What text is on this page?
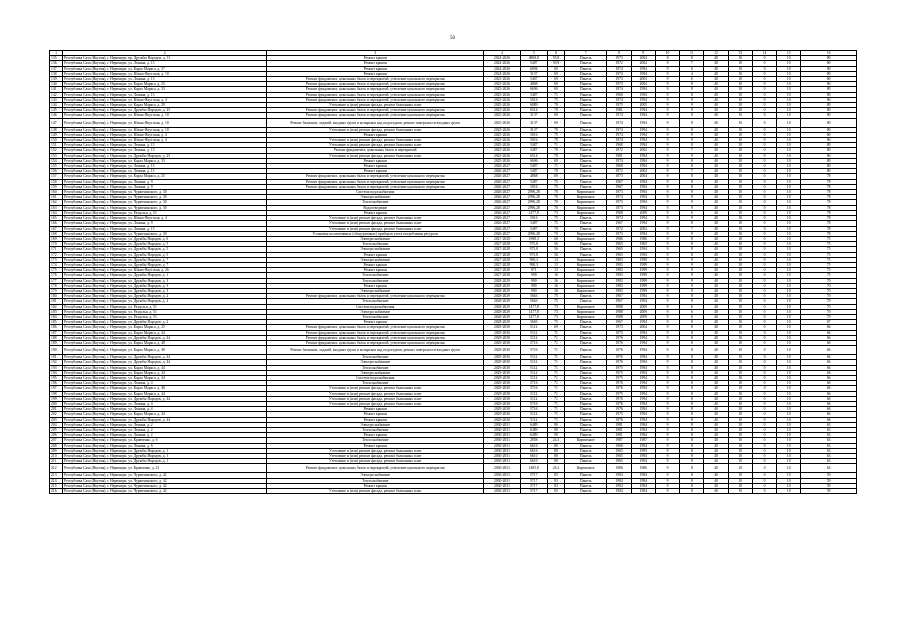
50
1	2	3	4	5	6	7	8	9	10	11	12	13	14	15	16
135	Республика Саха (Якутия), г. Нерюнгри, пр. Дружбы Народов, д. 13	Ремонт крыши	2024-2026	4869,8	55,8	Панель	1973	2004	8	8	40	10	0	10	80
136	Республика Саха (Якутия), г. Нерюнгри, ул. Ленина, д. 15	Ремонт крыши	2024-2026	5487	59,9	Панель	1972	2002	9	7	40	10	0	10	80
137	Республика Саха (Якутия), г. Нерюнгри, ул. Карла Маркса, д. 37	Ремонт крыши	2024-2026	6094	69	Панель	1974	1994	9	6	40	10	0	10	80
138	Республика Саха (Якутия), г. Нерюнгри, ул. Южно-Якутская, д. 10	Ремонт крыши	2024-2026	3137	69	Панель	1974	1994	9	4	40	10	0	10	80
139	Республика Саха (Якутия), г. Нерюнгри, ул. Ленина, д. 13	Ремонт фундамента, цокольных балок и перекрытий, утепление цокольного перекрытия	2025-2026	5487	69	Панель	1973	2003	9	6	40	10	0	10	80
140	Республика Саха (Якутия), г. Нерюнгри, ул. Карла Маркса, д. 25	Ремонт фундамента, цокольных балок и перекрытий, утепление цокольного перекрытия	2025-2026	4868	69	Панель	1973	2004	9	8	40	10	0	10	80
141	Республика Саха (Якутия), г. Нерюнгри, ул. Карла Маркса, д. 33	Ремонт фундамента, цокольных балок и перекрытий, утепление цокольного перекрытия	2025-2026	6696	69	Панель	1974	1994	9	8	40	10	0	10	80
142	Республика Саха (Якутия), г. Нерюнгри, ул. Ленина, д. 13	Ремонт фундамента, цокольных балок и перекрытий, утепление цокольного перекрытия	2025-2026	5487	71	Панель	1968	1994	9	8	40	10	0	10	80
143	Республика Саха (Якутия), г. Нерюнгри, ул. Южно-Якутская, д. 4	Ремонт фундамента, цокольных балок и перекрытий, утепление цокольного перекрытия	2025-2026	5016	75	Панель	1974	1994	9	9	40	10	0	10	80
144	Республика Саха (Якутия), г. Нерюнгри, ул. Карла Маркса, д. 29	Утепление и (или) ремонт фасада, ремонт балконных плит	2025-2026	6889	70	Панель	1975	2005	9	9	40	10	0	10	80
145	Республика Саха (Якутия), г. Нерюнгри, ул. Дружбы Народов, д. 25	Ремонт фундамента, цокольных балок и перекрытий, утепление цокольного перекрытия	2025-2026	6514	70	Панель	1981	1994	9	9	40	10	0	10	80
146	Республика Саха (Якутия), г. Нерюнгри, ул. Южно-Якутская, д. 10	Ремонт фундамента, цокольных балок и перекрытий, утепление цокольного перекрытия	2025-2026	3137	69	Панель	1974	1994	9	8	40	10	0	10	80
147	Республика Саха (Якутия), г. Нерюнгри, ул. Южно-Якутская, д. 10	Ремонт балконов, лоджий, входных групп и козырьков над подъездами, ремонт поверхности входных групп	2025-2026	3137	69	Панель	1974	1994	9	8	40	10	0	10	80
148	Республика Саха (Якутия), г. Нерюнгри, ул. Южно-Якутская, д. 10	Утепление и (или) ремонт фасада, ремонт балконных плит	2025-2026	3137	70	Панель	1974	1994	9	8	40	10	0	10	80
149	Республика Саха (Якутия), г. Нерюнгри, ул. Южно-Якутская, д. 4	Ремонт крыши	2025-2026	5016	75	Панель	1974	1994	9	9	40	10	0	10	80
150	Республика Саха (Якутия), г. Нерюнгри, ул. Южно-Якутская, д. 4	Утепление и (или) ремонт фасада, ремонт балконных плит	2025-2026	5016	70	Панель	1974	1994	9	9	40	10	0	10	80
151	Республика Саха (Якутия), г. Нерюнгри, ул. Ленина, д. 13	Утепление и (или) ремонт фасада, ремонт балконных плит	2025-2026	5487	71	Панель	1968	1994	9	8	40	10	0	10	80
152	Республика Саха (Якутия), г. Нерюнгри, ул. Ленина, д. 15	Ремонт фундамента, цокольных балок и перекрытий	2025-2026	5487	70	Панель	1972	2002	9	7	40	10	0	10	80
153	Республика Саха (Якутия), г. Нерюнгри, ул. Дружбы Народов, д. 25	Утепление и (или) ремонт фасада, ремонт балконных плит	2025-2026	6514	70	Панель	1981	1994	9	9	40	10	0	10	80
154	Республика Саха (Якутия), г. Нерюнгри, ул. Карла Маркса, д. 33	Ремонт крыши	2025-2026	6696	69	Панель	1974	1994	9	8	40	10	0	10	80
155	Республика Саха (Якутия), г. Нерюнгри, ул. Ленина, д. 13	Ремонт крыши	2026-2027	5487	71	Панель	1968	1994	9	8	40	10	0	10	80
156	Республика Саха (Якутия), г. Нерюнгри, ул. Ленина, д. 15	Ремонт крыши	2026-2027	5487	70	Панель	1972	2002	9	7	40	10	0	10	80
157	Республика Саха (Якутия), г. Нерюнгри, ул. Карла Маркса, д. 25	Ремонт фундамента, цокольных балок и перекрытий, утепление цокольного перекрытия	2026-2027	4868	69	Панель	1973	2004	9	8	40	10	0	10	78
158	Республика Саха (Якутия), г. Нерюнгри, ул. Ленина, д. 9	Ремонт фундамента, цокольных балок и перекрытий, утепление цокольного перекрытия	2026-2027	5487	75	Панель	1967	1994	9	8	40	10	0	10	78
159	Республика Саха (Якутия), г. Нерюнгри, ул. Ленина, д. 9	Ремонт фундамента, цокольных балок и перекрытий, утепление цокольного перекрытия	2026-2027	5016	75	Панель	1967	1994	9	8	40	10	0	10	78
160	Республика Саха (Якутия), г. Нерюнгри, ул. Чурапчинского, д. 30	Система водоснабжения	2026-2027	2996,28	70	Кирпичное	1973	1994	9	9	40	10	0	10	78
161	Республика Саха (Якутия), г. Нерюнгри, ул. Чурапчинского, д. 30	Электроснабжение	2026-2027	2996,28	70	Кирпичное	1973	1994	9	9	40	10	0	10	78
162	Республика Саха (Якутия), г. Нерюнгри, ул. Чурапчинского, д. 30	Теплоснабжение	2026-2027	2996,28	70	Кирпичное	1973	1994	9	9	40	10	0	10	78
163	Республика Саха (Якутия), г. Нерюнгри, ул. Чурапчинского, д. 30	Водоотведение	2026-2027	2996,28	70	Кирпичное	1973	1994	9	9	40	10	0	10	78
164	Республика Саха (Якутия), г. Нерюнгри, ул. Раздолья, д. 51	Ремонт крыши	2026-2027	1477,8	73	Кирпичное	1988	2009	9	6	40	10	0	10	78
165	Республика Саха (Якутия), г. Нерюнгри, ул. Южно-Якутская, д. 4	Утепление и (или) ремонт фасада, ремонт балконных плит	2026-2027	5016	75	Панель	1974	1994	9	9	40	10	0	10	78
166	Республика Саха (Якутия), г. Нерюнгри, ул. Ленина, д. 9	Утепление и (или) ремонт фасада, ремонт балконных плит	2026-2027	5487	75	Панель	1967	1994	9	8	40	10	0	10	78
167	Республика Саха (Якутия), г. Нерюнгри, ул. Ленина, д. 15	Утепление и (или) ремонт фасада, ремонт балконных плит	2026-2027	5487	70	Панель	1972	2002	9	7	40	10	0	10	78
168	Республика Саха (Якутия), г. Нерюнгри, ул. Чурапчинского, д. 30	Установка коллективных (общедомовых) приборов учета потребления ресурсов	2026-2027	2996,28	70	Кирпичное	1973	1994	9	9	40	10	0	10	78
169	Республика Саха (Якутия), г. Нерюнгри, ул. Дружбы Народов, д. 6	Электроснабжение	2027-2028	1988,3	68	Кирпичное	1986	1986	9	8	40	10	0	10	75
170	Республика Саха (Якутия), г. Нерюнгри, ул. Дружбы Народов, д. 5	Теплоснабжение	2027-2028	975,8	56	Панель	1965	1965	9	8	40	10	0	10	75
171	Республика Саха (Якутия), г. Нерюнгри, ул. Дружбы Народов, д. 5	Электроснабжение	2027-2028	975,8	56	Панель	1965	1994	9	8	40	10	0	10	75
172	Республика Саха (Якутия), г. Нерюнгри, ул. Дружбы Народов, д. 5	Ремонт крыши	2027-2028	975,8	56	Панель	1965	1994	9	8	40	10	0	10	75
173	Республика Саха (Якутия), г. Нерюнгри, ул. Дружбы Народов, д. 7	Электроснабжение	2027-2028	990,3	13	Кирпичное	1983	1999	9	9	40	10	0	10	75
174	Республика Саха (Якутия), г. Нерюнгри, ул. Дружбы Народов, д. 7	Ремонт крыши	2027-2028	990,3	13	Кирпичное	1983	1999	9	9	40	10	0	10	75
175	Республика Саха (Якутия), г. Нерюнгри, ул. Южно-Якутская, д. 26	Ремонт крыши	2027-2028	971	13	Кирпичное	1983	1999	9	9	40	10	0	10	75
176	Республика Саха (Якутия), г. Нерюнгри, ул. Дружбы Народов, д. 1	Теплоснабжение	2027-2028	990	16	Кирпичное	1983	1999	9	9	40	10	0	10	75
177	Республика Саха (Якутия), г. Нерюнгри, ул. Дружбы Народов, д. 3	Теплоснабжение	2028-2029	990	16	Кирпичное	1983	1999	9	9	40	10	0	10	70
178	Республика Саха (Якутия), г. Нерюнгри, ул. Дружбы Народов, д. 3	Ремонт крыши	2028-2029	990	16	Кирпичное	1983	1999	9	9	40	10	0	10	70
179	Республика Саха (Якутия), г. Нерюнгри, ул. Дружбы Народов, д. 3	Электроснабжение	2028-2029	990	16	Кирпичное	1983	1999	9	9	40	10	0	10	70
180	Республика Саха (Якутия), г. Нерюнгри, ул. Дружбы Народов, д. 2	Ремонт фундамента, цокольных балок и перекрытий, утепление цокольного перекрытия	2028-2029	5663	75	Панель	1967	1994	9	8	40	10	0	10	70
181	Республика Саха (Якутия), г. Нерюнгри, ул. Дружбы Народов, д. 2	Теплоснабжение	2028-2029	5663	75	Панель	1967	1994	9	8	40	10	0	10	70
182	Республика Саха (Якутия), г. Нерюнгри, ул. Раздолья, д. 51	Система водоснабжения	2028-2029	1477,8	73	Кирпичное	1988	2009	9	6	40	10	0	10	70
183	Республика Саха (Якутия), г. Нерюнгри, ул. Раздолья, д. 51	Электроснабжение	2028-2029	1477,8	73	Кирпичное	1988	2009	9	6	40	10	0	10	70
184	Республика Саха (Якутия), г. Нерюнгри, ул. Раздолья, д. 51	Теплоснабжение	2028-2029	1477,8	73	Кирпичное	1988	2009	9	6	40	10	0	10	70
185	Республика Саха (Якутия), г. Нерюнгри, ул. Дружбы Народов, д. 2	Ремонт крыши	2028-2029	5663	75	Панель	1967	1994	9	8	40	10	0	10	67
186	Республика Саха (Якутия), г. Нерюнгри, ул. Карла Маркса, д. 25	Ремонт фундамента, цокольных балок и перекрытий, утепление цокольного перекрытия	2029-2030	5112	69	Панель	1973	2004	9	8	40	10	0	10	66
187	Республика Саха (Якутия), г. Нерюнгри, ул. Карла Маркса, д. 44	Ремонт фундамента, цокольных балок и перекрытий, утепление цокольного перекрытия	2029-2030	5112	71	Панель	1975	1994	9	8	40	10	0	10	66
188	Республика Саха (Якутия), г. Нерюнгри, ул. Дружбы Народов, д. 44	Ремонт фундамента, цокольных балок и перекрытий, утепление цокольного перекрытия	2029-2030	5112	71	Панель	1976	1994	9	8	40	10	0	10	66
189	Республика Саха (Якутия), г. Нерюнгри, ул. Карла Маркса, д. 48	Ремонт фундамента, цокольных балок и перекрытий, утепление цокольного перекрытия	2029-2030	5716	71	Панель	1976	1994	9	8	40	10	0	10	66
190	Республика Саха (Якутия), г. Нерюнгри, ул. Карла Маркса, д. 48	Ремонт балконов, лоджий, входных групп и козырьков над подъездами, ремонт поверхности входных групп	2029-2030	5716	71	Панель	1976	1994	9	8	40	10	0	10	66
191	Республика Саха (Якутия), г. Нерюнгри, ул. Дружбы Народов, д. 44	Теплоснабжение	2029-2030	5112	71	Панель	1976	1994	9	8	40	10	0	10	66
192	Республика Саха (Якутия), г. Нерюнгри, ул. Дружбы Народов, д. 44	Электроснабжение	2029-2030	5112	71	Панель	1976	1994	9	8	40	10	0	10	66
193	Республика Саха (Якутия), г. Нерюнгри, ул. Карла Маркса, д. 44	Теплоснабжение	2029-2030	5112	71	Панель	1975	1994	9	8	40	10	0	10	66
194	Республика Саха (Якутия), г. Нерюнгри, ул. Карла Маркса, д. 44	Электроснабжение	2029-2030	5112	71	Панель	1975	1994	9	8	40	10	0	10	66
195	Республика Саха (Якутия), г. Нерюнгри, ул. Карла Маркса, д. 44	Система водоснабжения	2029-2030	5112	71	Панель	1975	1994	9	8	40	10	0	10	66
196	Республика Саха (Якутия), г. Нерюнгри, ул. Ленина, д. 4	Теплоснабжение	2029-2030	5716	71	Панель	1976	1994	9	8	40	10	0	10	66
197	Республика Саха (Якутия), г. Нерюнгри, ул. Карла Маркса, д. 48	Утепление и (или) ремонт фасада, ремонт балконных плит	2029-2030	5716	71	Панель	1976	1994	9	8	40	10	0	10	66
198	Республика Саха (Якутия), г. Нерюнгри, ул. Карла Маркса, д. 44	Утепление и (или) ремонт фасада, ремонт балконных плит	2029-2030	5112	71	Панель	1975	1994	9	8	40	10	0	10	66
199	Республика Саха (Якутия), г. Нерюнгри, ул. Дружбы Народов, д. 44	Утепление и (или) ремонт фасада, ремонт балконных плит	2029-2030	5112	71	Панель	1976	1994	9	8	40	10	0	10	66
200	Республика Саха (Якутия), г. Нерюнгри, ул. Ленина, д. 4	Утепление и (или) ремонт фасада, ремонт балконных плит	2029-2030	5716	71	Панель	1976	1994	9	8	40	10	0	10	66
201	Республика Саха (Якутия), г. Нерюнгри, ул. Ленина, д. 4	Ремонт крыши	2029-2030	5716	71	Панель	1976	1994	9	8	40	10	0	10	66
202	Республика Саха (Якутия), г. Нерюнгри, ул. Карла Маркса, д. 44	Ремонт крыши	2029-2030	5112	71	Панель	1975	1994	9	8	40	10	0	10	66
203	Республика Саха (Якутия), г. Нерюнгри, ул. Дружбы Народов, д. 44	Ремонт крыши	2029-2030	5112	71	Панель	1976	1994	9	8	40	10	0	10	66
204	Республика Саха (Якутия), г. Нерюнгри, ул. Ленина, д. 2	Электроснабжение	2030-2031	6489	90	Панель	1981	1984	9	8	40	10	0	10	63
205	Республика Саха (Якутия), г. Нерюнгри, ул. Ленина, д. 2	Теплоснабжение	2030-2031	6489	90	Панель	1981	1984	9	8	40	10	0	10	63
206	Республика Саха (Якутия), г. Нерюнгри, ул. Ленина, д. 2	Ремонт крыши	2030-2031	6489	90	Панель	1981	1984	9	8	40	10	0	10	63
207	Республика Саха (Якутия), г. Нерюнгри, ул. Кравченко, д. 6	Теплоснабжение	2030-2031	2858	24,3	Кирпичное	1987	1987	9	8	40	10	0	10	63
208	Республика Саха (Якутия), г. Нерюнгри, ул. Ленина, д. 6	Ремонт крыши	2030-2031	6616	80	Панель	1968	1994	9	8	40	10	0	10	63
209	Республика Саха (Якутия), г. Нерюнгри, ул. Дружбы Народов, д. 1	Утепление и (или) ремонт фасада, ремонт балконных плит	2030-2031	6616	80	Панель	1965	1995	9	8	40	10	0	10	63
210	Республика Саха (Якутия), г. Нерюнгри, ул. Дружбы Народов, д. 1	Утепление и (или) ремонт фасада, ремонт балконных плит	2030-2031	6610	80	Панель	1965	1994	9	8	40	10	0	10	63
211	Республика Саха (Якутия), г. Нерюнгри, ул. Дружбы Народов, д. 1	Утепление и (или) ремонт фасада, ремонт балконных плит	2030-2031	6610	80	Панель	1965	1994	9	8	40	10	0	10	63
212	Республика Саха (Якутия), г. Нерюнгри, ул. Кравченко, д. 21	Ремонт фундамента, цокольных балок и перекрытий, утепление цокольного перекрытия	2030-2031	1485,8	24,3	Кирпичное	1986	1986	9	8	40	10	0	10	63
213	Республика Саха (Якутия), г. Нерюнгри, ул. Чурапчинского, д. 42	Электроснабжение	2030-2031	5717	83	Панель	1984	1984	9	8	40	10	0	10	59
214	Республика Саха (Якутия), г. Нерюнгри, ул. Чурапчинского, д. 42	Теплоснабжение	2030-2031	5717	83	Панель	1984	1984	9	8	40	10	0	10	59
215	Республика Саха (Якутия), г. Нерюнгри, ул. Чурапчинского, д. 42	Ремонт крыши	2030-2031	5717	83	Панель	1984	1984	9	8	40	10	0	10	59
216	Республика Саха (Якутия), г. Нерюнгри, ул. Чурапчинского, д. 42	Утепление и (или) ремонт фасада, ремонт балконных плит	2030-2031	5717	83	Панель	1984	1984	9	8	40	10	0	10	59
